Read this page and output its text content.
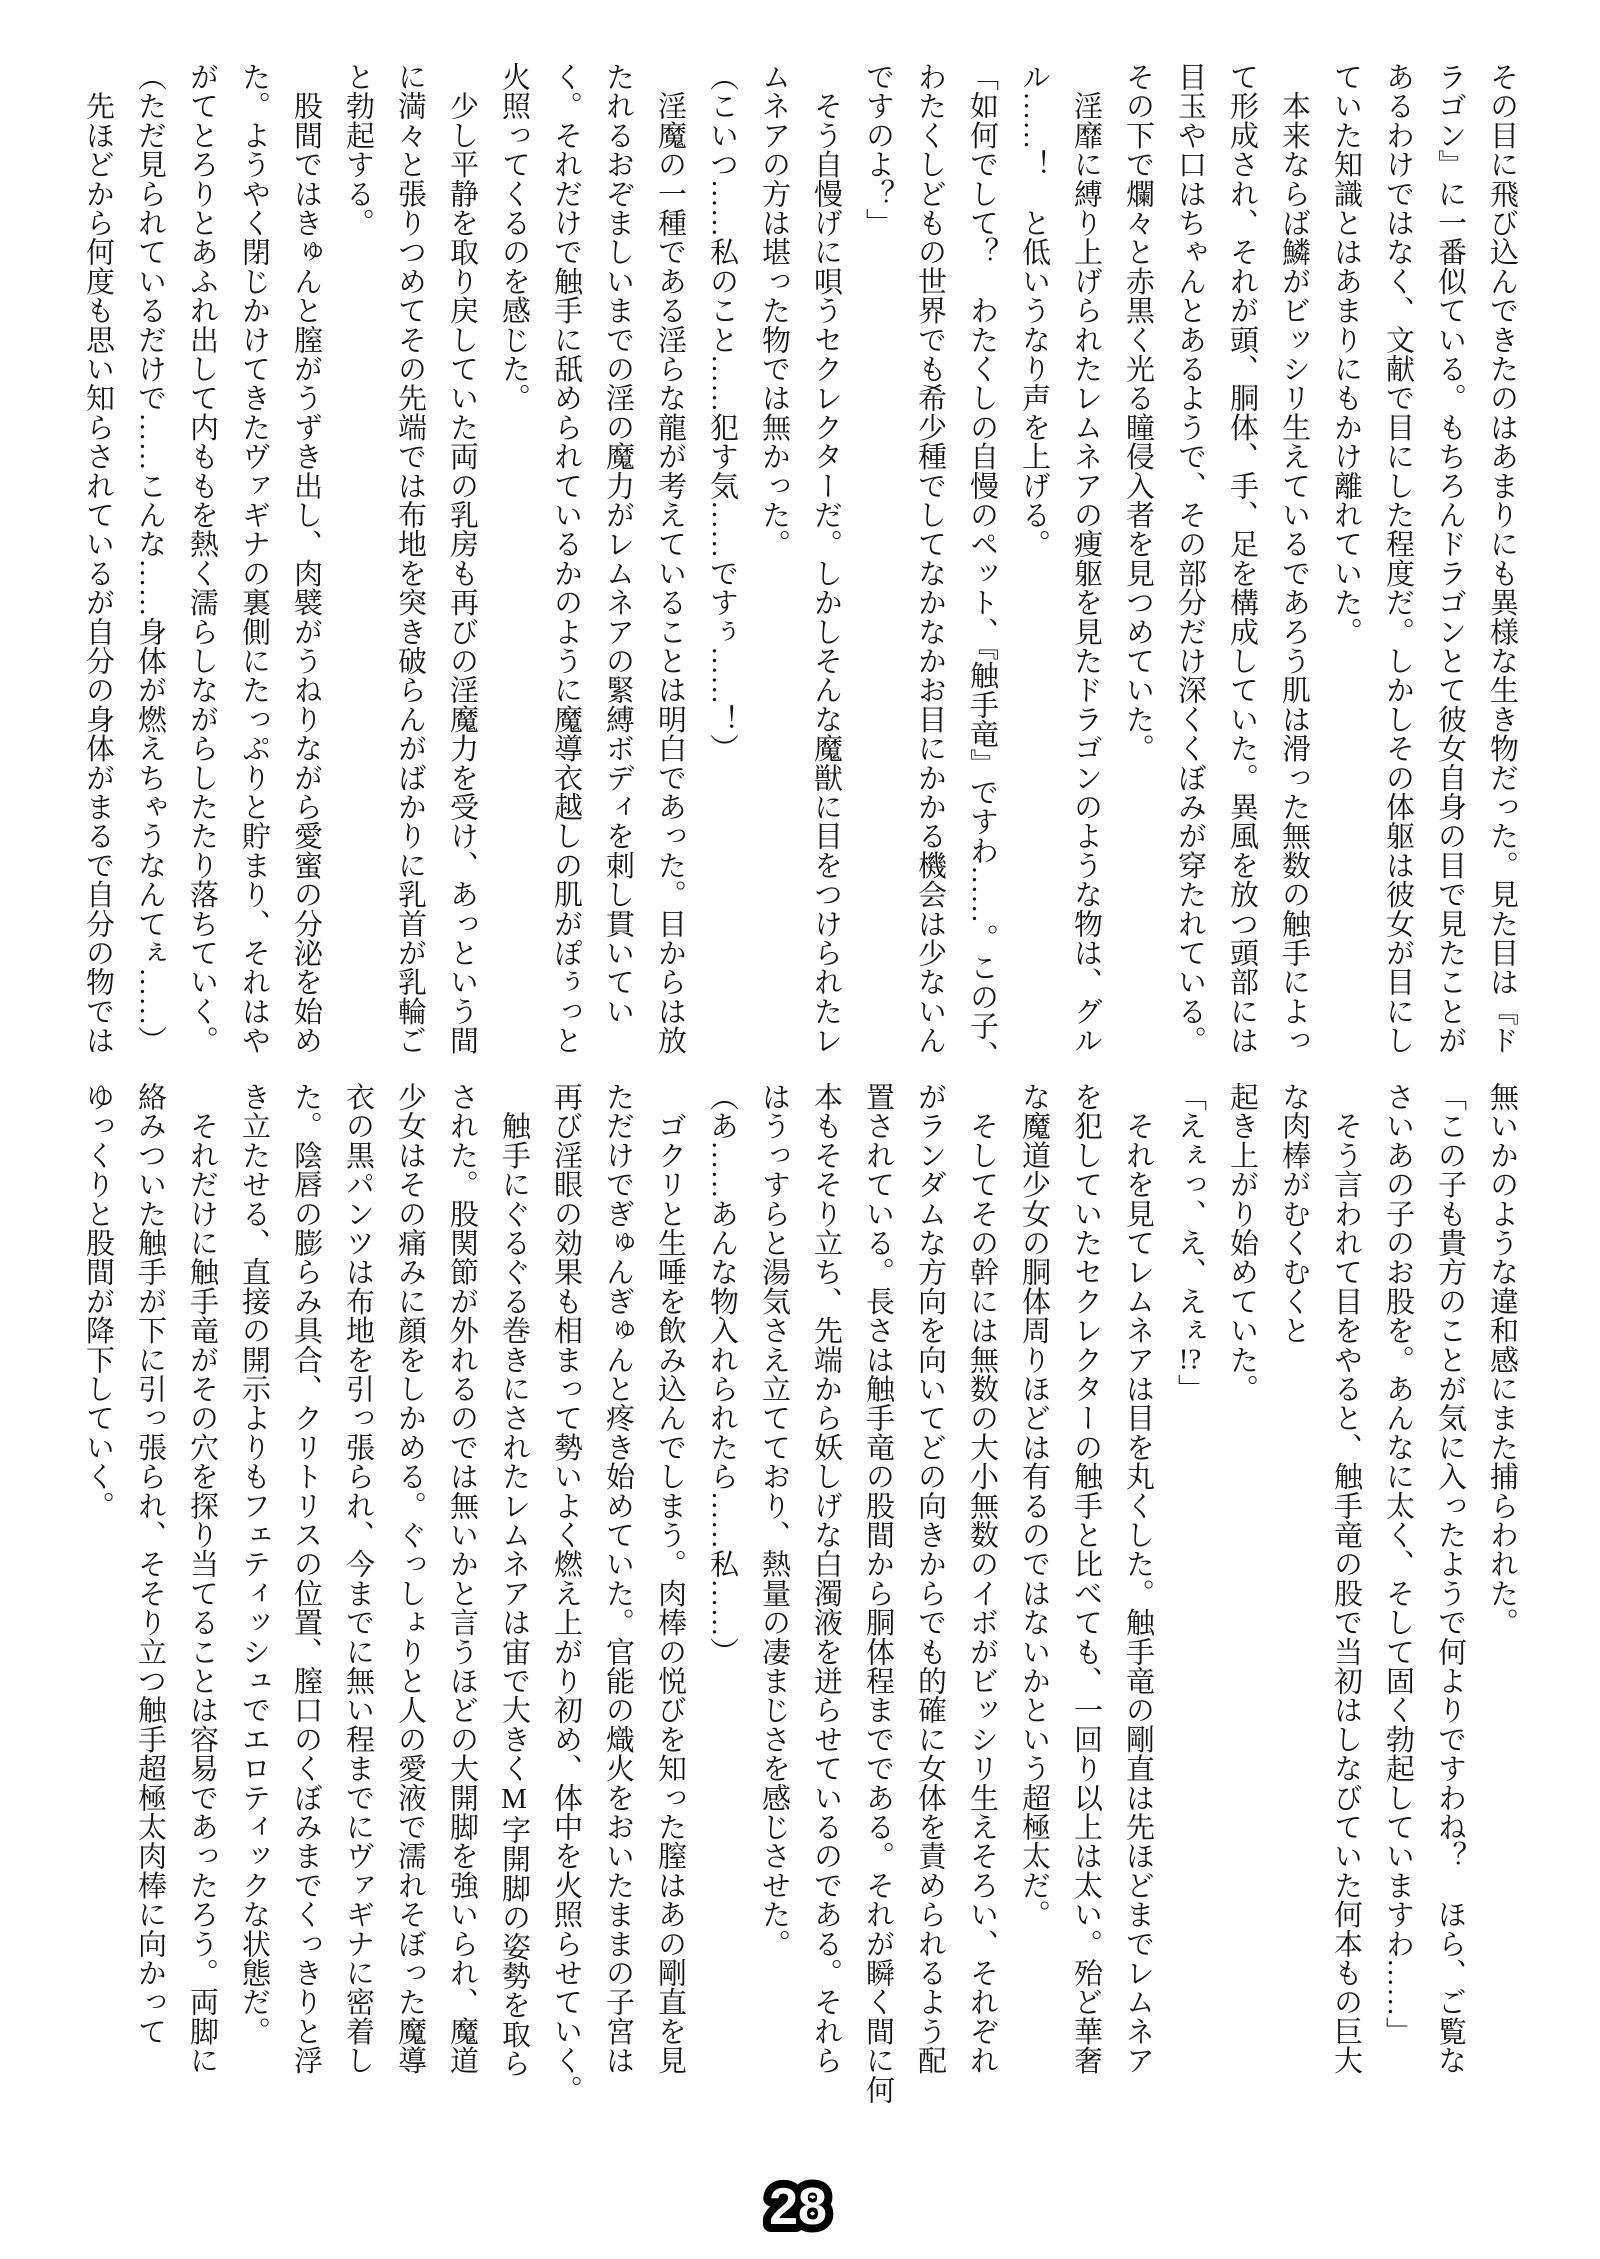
その目に飛び込んできたのはあまりにも異様な生き物だった。見た目は『ド

ラゴン』に一番似ている。もちろんドラゴンとて彼女自身の目で見たことが

あるわけではなく、文献で目にした程度だ。しかしその体躯は彼女が目にし

ていた知識とはあまりにもかけ離れていた。

　本来ならば鱗がビッシリ生えているであろう肌は滑った無数の触手によっ

て形成され、それが頭、胴体、手、足を構成していた。異風を放つ頭部には

目玉や口はちゃんとあるようで、その部分だけ深くくぼみが穿たれている。

その下で爛々と赤黒く光る瞳侵入者を見つめていた。

　淫靡に縛り上げられたレムネアの痩躯を見たドラゴンのような物は、グル

ル……！　と低いうなり声を上げる。

「如何でして？　わたくしの自慢のペット、『触手竜』ですわ……。この子、

わたくしどもの世界でも希少種でしてなかなかお目にかかる機会は少ないん

ですのよ？」

　そう自慢げに唄うセクレクターだ。しかしそんな魔獣に目をつけられたレ

ムネアの方は堪った物では無かった。

（こいつ……私のこと……犯す気……ですぅ……！）

　淫魔の一種である淫らな龍が考えていることは明白であった。目からは放

たれるおぞましいまでの淫の魔力がレムネアの緊縛ボディを刺し貫いてい

く。それだけで触手に舐められているかのように魔導衣越しの肌がぽぅっと

火照ってくるのを感じた。

　少し平静を取り戻していた両の乳房も再びの淫魔力を受け、あっという間

に満々と張りつめてその先端では布地を突き破らんがばかりに乳首が乳輪ご

と勃起する。

　股間ではきゅんと膣がうずき出し、肉襞がうねりながら愛蜜の分泌を始め

た。ようやく閉じかけてきたヴァギナの裏側にたっぷりと貯まり、それはや

がてとろりとあふれ出して内ももを熱く濡らしながらしたたり落ちていく。

（ただ見られているだけで……こんな……身体が燃えちゃうなんてぇ……）

　先ほどから何度も思い知らされているが自分の身体がまるで自分の物では

無いかのような違和感にまた捕らわれた。

「この子も貴方のことが気に入ったようで何よりですわね？　ほら、ご覧な

さいあの子のお股を。あんなに太く、そして固く勃起していますわ……」

　そう言われて目をやると、触手竜の股で当初はしなびていた何本もの巨大

な肉棒がむくむくと

起き上がり始めていた。

「えぇっ、え、えぇ!?」

　それを見てレムネアは目を丸くした。触手竜の剛直は先ほどまでレムネア

を犯していたセクレクターの触手と比べても、一回り以上は太い。殆ど華奢

な魔道少女の胴体周りほどは有るのではないかという超極太だ。

　そしてその幹には無数の大小無数のイボがビッシリ生えそろい、それぞれ

がランダムな方向を向いてどの向きからでも的確に女体を責められるよう配

置されている。長さは触手竜の股間から胴体程までである。それが瞬く間に何

本もそそり立ち、先端から妖しげな白濁液を迸らせているのである。それら

はうっすらと湯気さえ立てており、熱量の凄まじさを感じさせた。

（あ……あんな物入れられたら……私……）

　ゴクリと生唾を飲み込んでしまう。肉棒の悦びを知った膣はあの剛直を見

ただけでぎゅんぎゅんと疼き始めていた。官能の熾火をおいたままの子宮は

再び淫眼の効果も相まって勢いよく燃え上がり初め、体中を火照らせていく。

　触手にぐるぐる巻きにされたレムネアは宙で大きくM字開脚の姿勢を取ら

された。股関節が外れるのでは無いかと言うほどの大開脚を強いられ、魔道

少女はその痛みに顔をしかめる。ぐっしょりと人の愛液で濡れそぼった魔導

衣の黒パンツは布地を引っ張られ、今までに無い程までにヴァギナに密着し

た。陰唇の膨らみ具合、クリトリスの位置、膣口のくぼみまでくっきりと浮

き立たせる、直接の開示よりもフェティッシュでエロティックな状態だ。

　それだけに触手竜がその穴を探り当てることは容易であったろう。両脚に

絡みついた触手が下に引っ張られ、そそり立つ触手超極太肉棒に向かって

ゆっくりと股間が降下していく。

28
